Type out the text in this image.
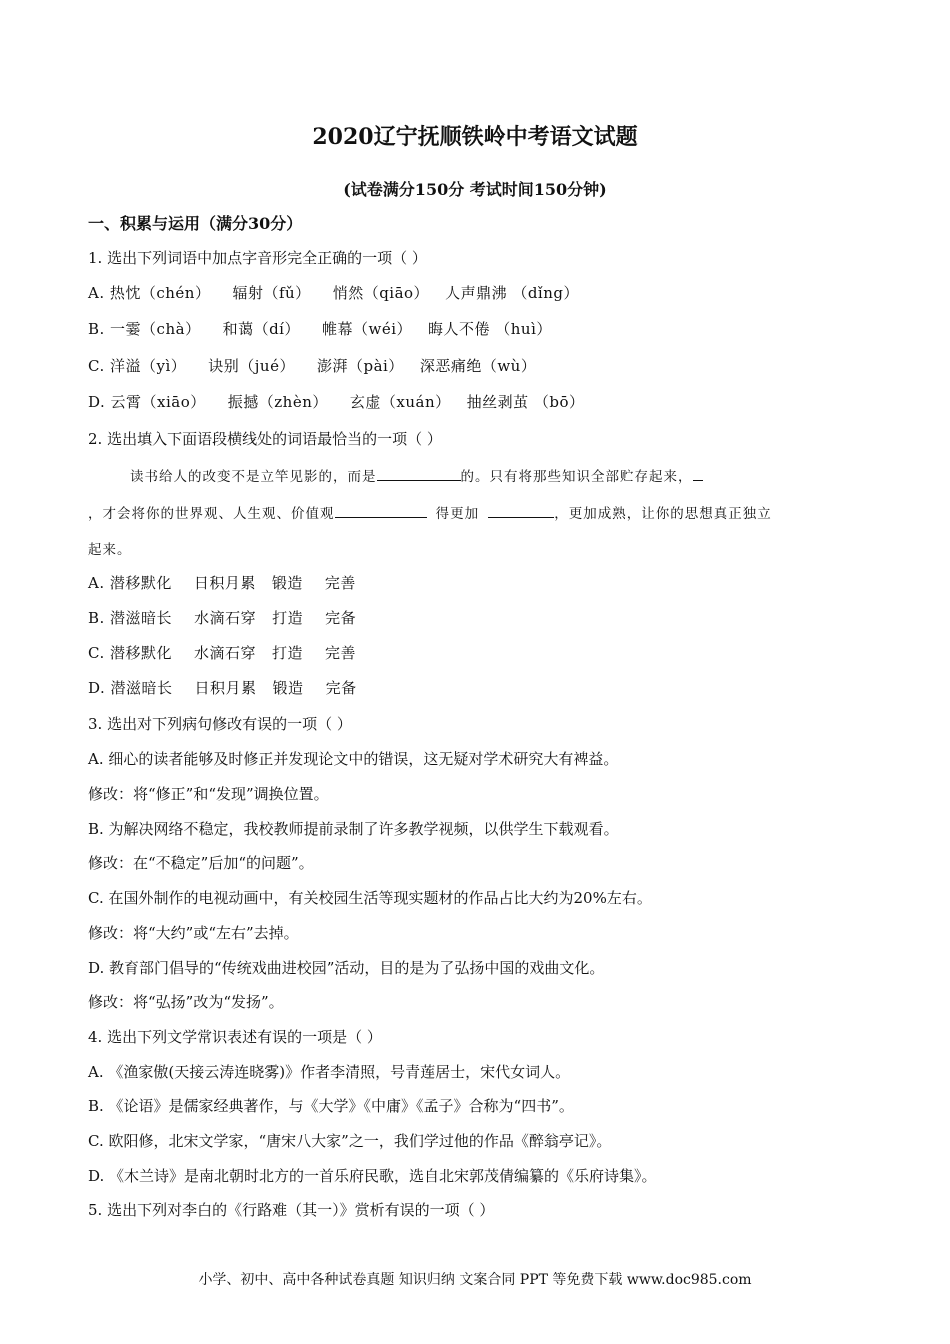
2020辽宁抚顺铁岭中考语文试题
(试卷满分150分 考试时间150分钟)
一、积累与运用（满分30分）
1. 选出下列词语中加点字音形完全正确的一项（ ）
A. 热忱（chén） 辐射（fǔ） 悄然（qiāo） 人声鼎沸 （dǐng）
B. 一霎（chà） 和蔼（dí） 帷幕（wéi） 晦人不倦 （huì）
C. 洋溢（yì） 诀别（jué） 澎湃（pài） 深恶痛绝（wù）
D. 云霄（xiāo） 振撼（zhèn） 玄虚（xuán） 抽丝剥茧 （bō）
2. 选出填入下面语段横线处的词语最恰当的一项（ ）
读书给人的改变不是立竿见影的，而是	的。只有将那些知识全部贮存起来，
，才会将你的世界观、人生观、价值观	得更加	，更加成熟，让你的思想真正独立
起来。
A. 潜移默化 日积月累 锻造 完善
B. 潜滋暗长 水滴石穿 打造 完备
C. 潜移默化 水滴石穿 打造 完善
D. 潜滋暗长 日积月累 锻造 完备
3. 选出对下列病句修改有误的一项（ ）
A. 细心的读者能够及时修正并发现论文中的错误，这无疑对学术研究大有裨益。
修改：将“修正”和“发现”调换位置。
B. 为解决网络不稳定，我校教师提前录制了许多教学视频，以供学生下载观看。
修改：在“不稳定”后加“的问题”。
C. 在国外制作的电视动画中，有关校园生活等现实题材的作品占比大约为20%左右。
修改：将“大约”或“左右”去掉。
D. 教育部门倡导的“传统戏曲进校园”活动，目的是为了弘扬中国的戏曲文化。
修改：将“弘扬”改为“发扬”。
4. 选出下列文学常识表述有误的一项是（ ）
A. 《渔家傲(天接云涛连晓雾)》作者李清照，号青莲居士，宋代女词人。
B. 《论语》是儒家经典著作，与《大学》《中庸》《孟子》合称为“四书”。
C. 欧阳修，北宋文学家，“唐宋八大家”之一，我们学过他的作品《醉翁亭记》。
D. 《木兰诗》是南北朝时北方的一首乐府民歌，选自北宋郭茂倩编纂的《乐府诗集》。
5. 选出下列对李白的《行路难（其一）》赏析有误的一项（ ）
小学、初中、高中各种试卷真题 知识归纳 文案合同 PPT 等免费下载 www.doc985.com
